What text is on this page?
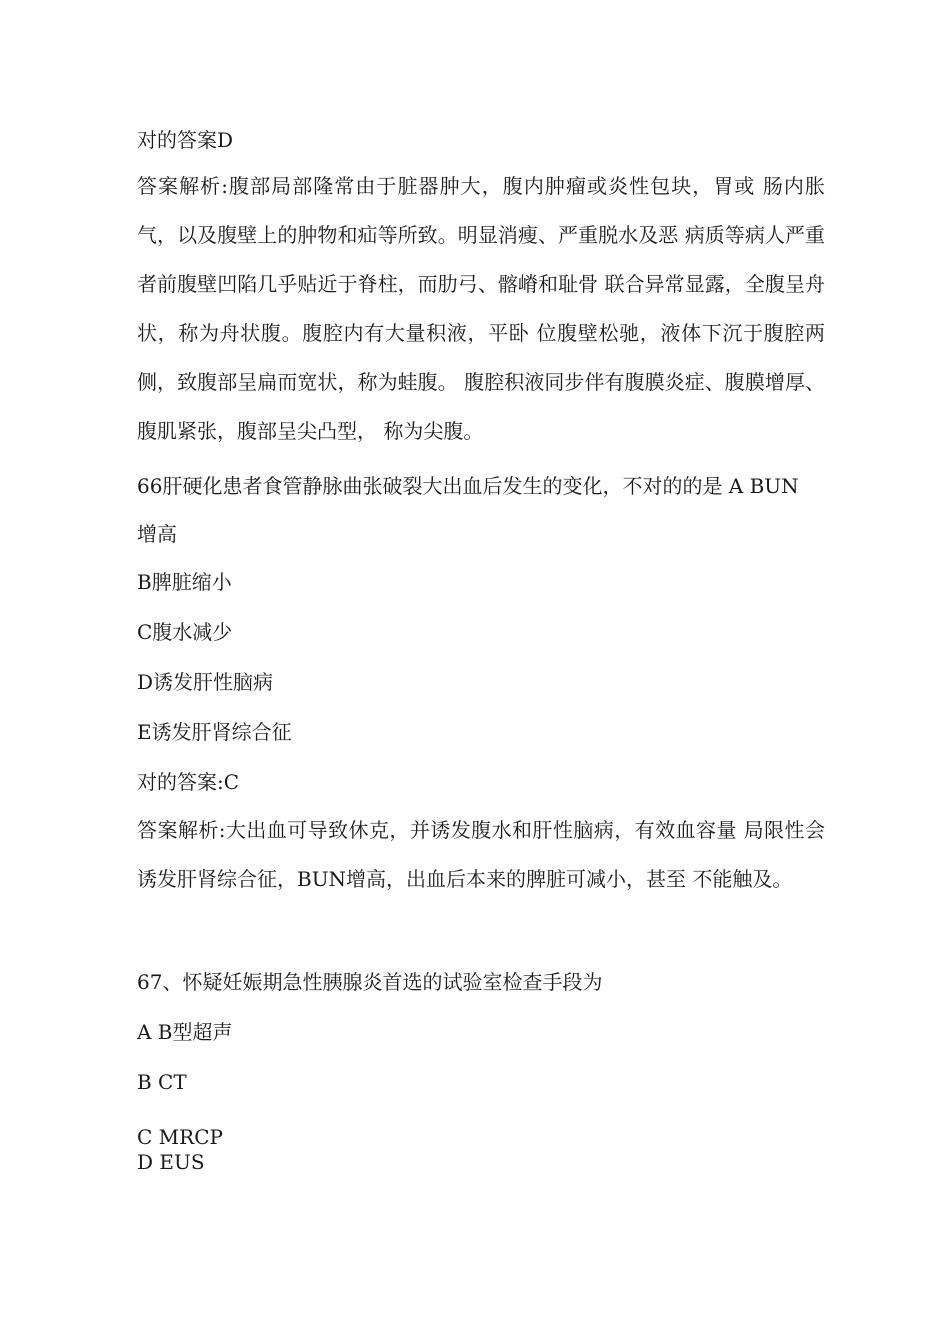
对的答案D
答案解析:腹部局部隆常由于脏器肿大，腹内肿瘤或炎性包块，胃或 肠内胀气，以及腹壁上的肿物和疝等所致。明显消瘦、严重脱水及恶 病质等病人严重者前腹壁凹陷几乎贴近于脊柱，而肋弓、髂嵴和耻骨 联合异常显露，全腹呈舟状，称为舟状腹。腹腔内有大量积液，平卧 位腹壁松驰，液体下沉于腹腔两侧，致腹部呈扁而宽状，称为蛙腹。 腹腔积液同步伴有腹膜炎症、腹膜增厚、腹肌紧张，腹部呈尖凸型， 称为尖腹。
66肝硬化患者食管静脉曲张破裂大出血后发生的变化，不对的的是 A BUN
增高
B脾脏缩小
C腹水减少
D诱发肝性脑病
E诱发肝肾综合征
对的答案:C
答案解析:大出血可导致休克，并诱发腹水和肝性脑病，有效血容量 局限性会诱发肝肾综合征，BUN增高，出血后本来的脾脏可减小，甚至 不能触及。
67、怀疑妊娠期急性胰腺炎首选的试验室检查手段为
A B型超声
B CT
C MRCP
D EUS
